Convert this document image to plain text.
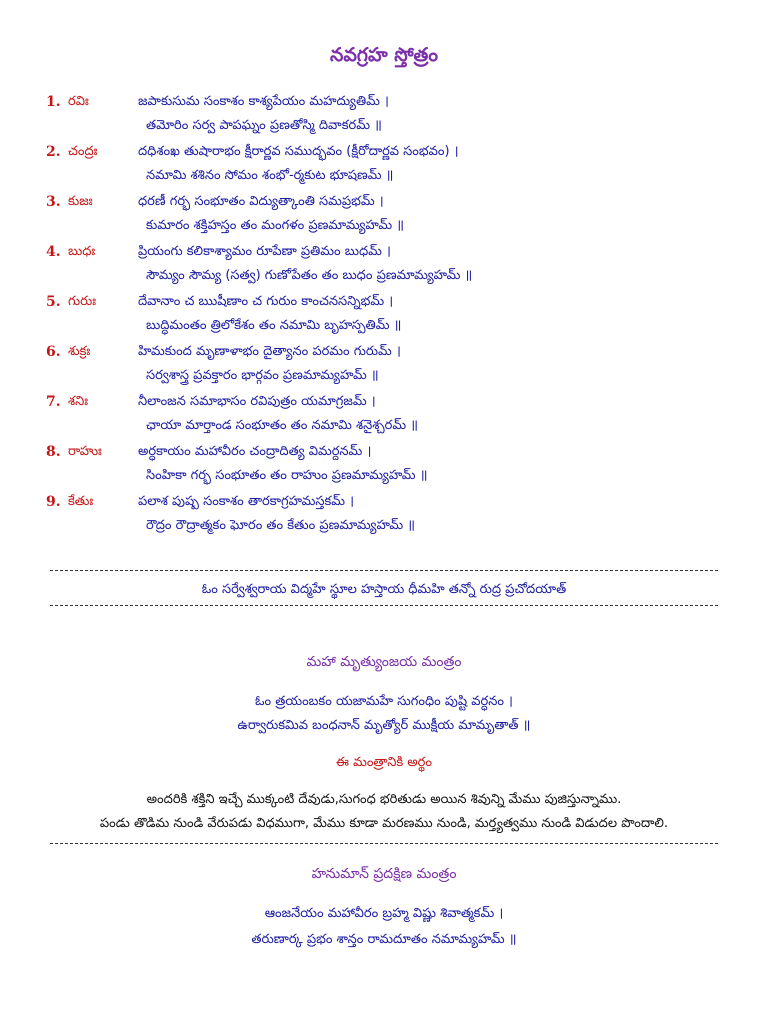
నవగ్రహ స్తోత్రం
1. రవిః	జపాకుసుమ సంకాశం కాశ్యపేయం మహద్యుతిమ్ ।
తమోరిం సర్వ పాపఘ్నం ప్రణతోస్మి దివాకరమ్ ॥
2. చంద్రః	దధిశంఖ తుషారాభం క్షీరార్ణవ సముద్భవం (క్షీరోదార్ణవ సంభవం) ।
నమామి శశినం సోమం శంభో-ర్మకుట భూషణమ్ ॥
3. కుజః	ధరణీ గర్భ సంభూతం విద్యుత్కాంతి సమప్రభమ్ ।
కుమారం శక్తిహస్తం తం మంగళం ప్రణమామ్యహమ్ ॥
4. బుధః	ప్రియంగు కలికాశ్యామం రూపేణా ప్రతిమం బుధమ్ ।
సౌమ్యం సౌమ్య (సత్వ) గుణోపేతం తం బుధం ప్రణమామ్యహమ్ ॥
5. గురుః	దేవానాం చ ఋషీణాం చ గురుం కాంచనసన్నిభమ్ ।
బుద్ధిమంతం త్రిలోకేశం తం నమామి బృహస్పతిమ్ ॥
6. శుక్రః	హిమకుంద మృణాళాభం దైత్యానం పరమం గురుమ్ ।
సర్వశాస్త్ర ప్రవక్తారం భార్గవం ప్రణమామ్యహమ్ ॥
7. శనిః	నీలాంజన సమాభాసం రవిపుత్రం యమాగ్రజమ్ ।
ఛాయా మార్తాండ సంభూతం తం నమామి శనైశ్చరమ్ ॥
8. రాహుః	అర్ధకాయం మహావీరం చంద్రాదిత్య విమర్దనమ్ ।
సింహికా గర్భ సంభూతం తం రాహుం ప్రణమామ్యహమ్ ॥
9. కేతుః	పలాశ పుష్ప సంకాశం తారకాగ్రహమస్తకమ్ ।
రౌద్రం రౌద్రాత్మకం ఘోరం తం కేతుం ప్రణమామ్యహమ్ ॥
ఓం సర్వేశ్వరాయ విద్మహే స్థూల హస్తాయ ధీమహి తన్నో రుద్ర ప్రచోదయాత్
మహా మృత్యుంజయ మంత్రం
ఓం త్రయంబకం యజామహే సుగంధిం పుష్టి వర్ధనం ।
ఉర్వారుకమివ బంధనాన్ మృత్యోర్ ముక్షీయ మామృతాత్ ॥
ఈ మంత్రానికి అర్థం
అందరికి శక్తిని ఇచ్చే ముక్కంటి దేవుడు,సుగంధ భరితుడు అయిన శివున్ని మేము పుజిస్తున్నాము.
పండు తొడిమ నుండి వేరుపడు విధముగా, మేము కూడా మరణము నుండి, మర్త్యత్వము నుండి విడుదల పొందాలి.
హనుమాన్ ప్రదక్షిణ మంత్రం
ఆంజనేయం మహావీరం బ్రహ్మ విష్ణు శివాత్మకమ్ ।
తరుణార్క ప్రభం శాన్తం రామదూతం నమామ్యహమ్ ॥
